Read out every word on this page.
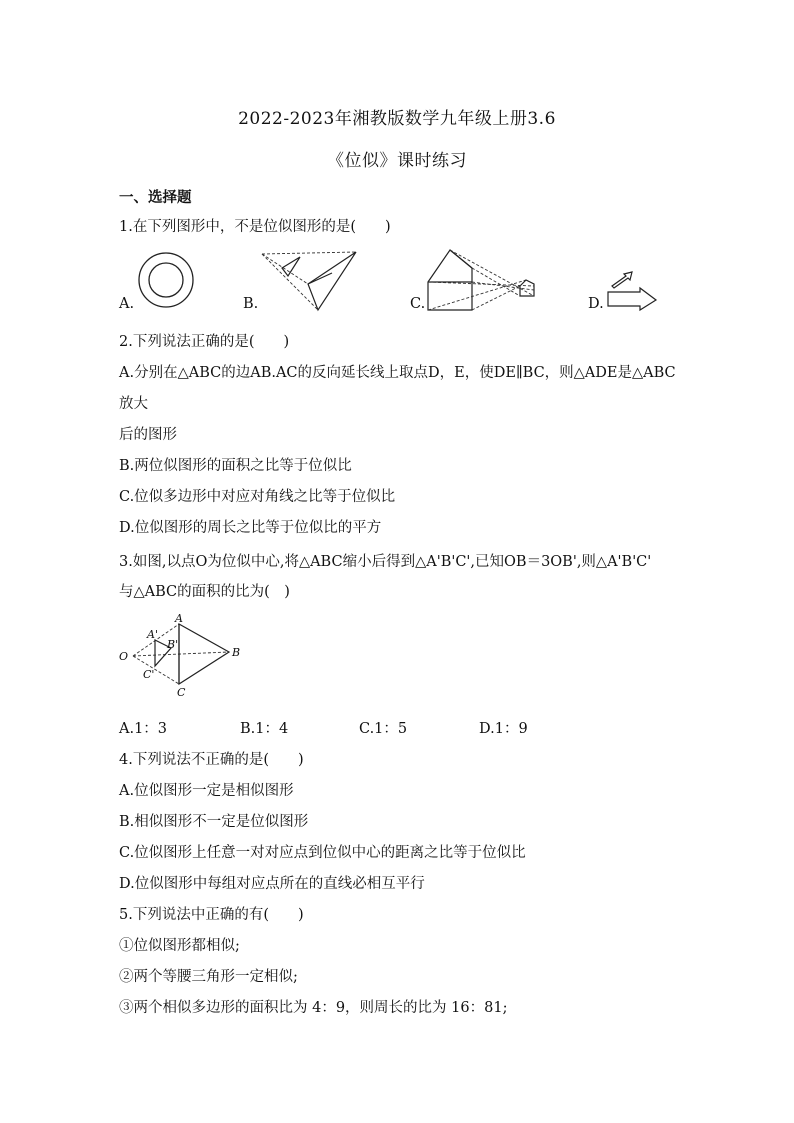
2022-2023年湘教版数学九年级上册3.6
《位似》课时练习
一、选择题
1.在下列图形中，不是位似图形的是(　　)
A.	B.	C.	D.
2.下列说法正确的是(　　)
A.分别在△ABC的边AB.AC的反向延长线上取点D，E，使DE∥BC，则△ADE是△ABC
放大
后的图形
B.两位似图形的面积之比等于位似比
C.位似多边形中对应对角线之比等于位似比
D.位似图形的周长之比等于位似比的平方
3.如图,以点O为位似中心,将△ABC缩小后得到△A'B'C',已知OB＝3OB',则△A'B'C'
与△ABC的面积的比为(　)
O
A
A'
B
B'
C
C'
A.1：3	B.1：4	C.1：5	D.1：9
4.下列说法不正确的是(　　)
A.位似图形一定是相似图形
B.相似图形不一定是位似图形
C.位似图形上任意一对对应点到位似中心的距离之比等于位似比
D.位似图形中每组对应点所在的直线必相互平行
5.下列说法中正确的有(　　)
①位似图形都相似;
②两个等腰三角形一定相似;
③两个相似多边形的面积比为 4：9，则周长的比为 16：81;
